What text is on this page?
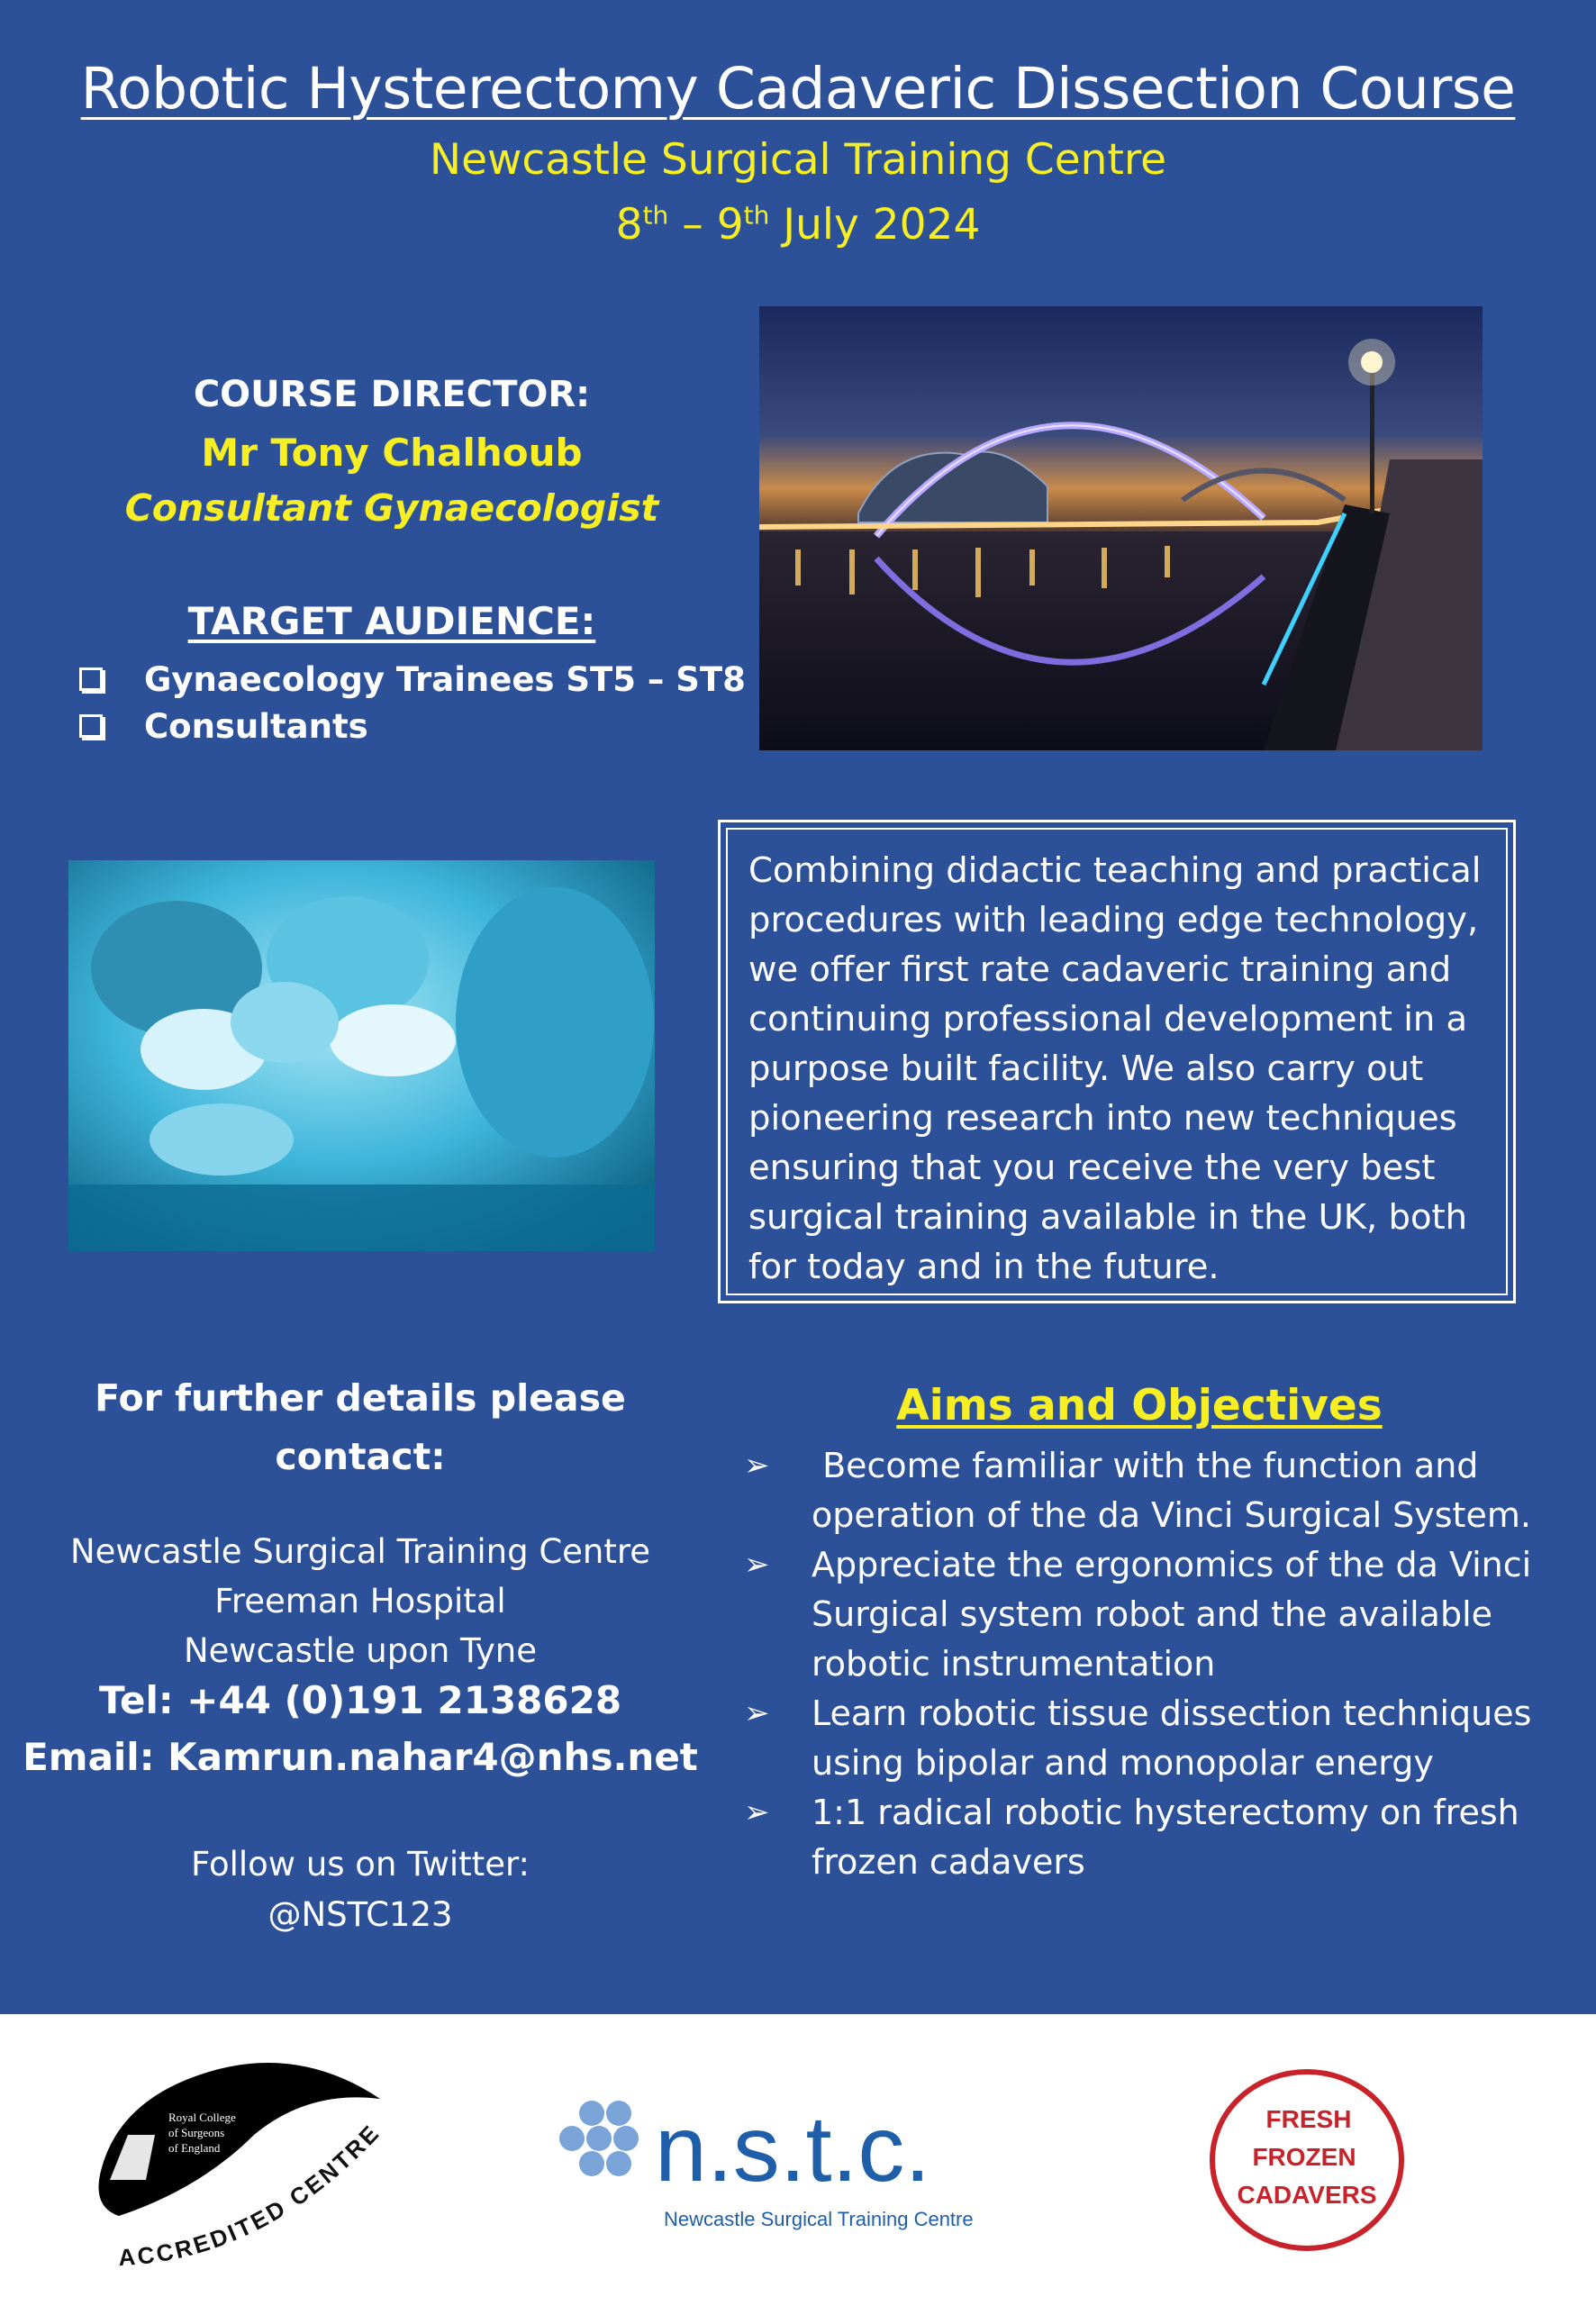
Robotic Hysterectomy Cadaveric Dissection Course
Newcastle Surgical Training Centre
8th – 9th July 2024
COURSE DIRECTOR:
Mr Tony Chalhoub
Consultant Gynaecologist
TARGET AUDIENCE:
Gynaecology Trainees ST5 – ST8
Consultants
Combining didactic teaching and practical
procedures with leading edge technology,
we offer first rate cadaveric training and
continuing professional development in a
purpose built facility. We also carry out
pioneering research into new techniques
ensuring that you receive the very best
surgical training available in the UK, both
for today and in the future.
For further details please
contact:
Newcastle Surgical Training Centre
Freeman Hospital
Newcastle upon Tyne
Tel: +44 (0)191 2138628
Email: Kamrun.nahar4@nhs.net
Follow us on Twitter:
@NSTC123
Aims and Objectives
➢	Become familiar with the function and
operation of the da Vinci Surgical System.
➢	Appreciate the ergonomics of the da Vinci
Surgical system robot and the available
robotic instrumentation
➢	Learn robotic tissue dissection techniques
using bipolar and monopolar energy
➢	1:1 radical robotic hysterectomy on fresh
frozen cadavers
Royal College
of Surgeons
of England
ACCREDITED CENTRE	n.s.t.c.
Newcastle Surgical Training Centre
FRESH
FROZEN
CADAVERS
